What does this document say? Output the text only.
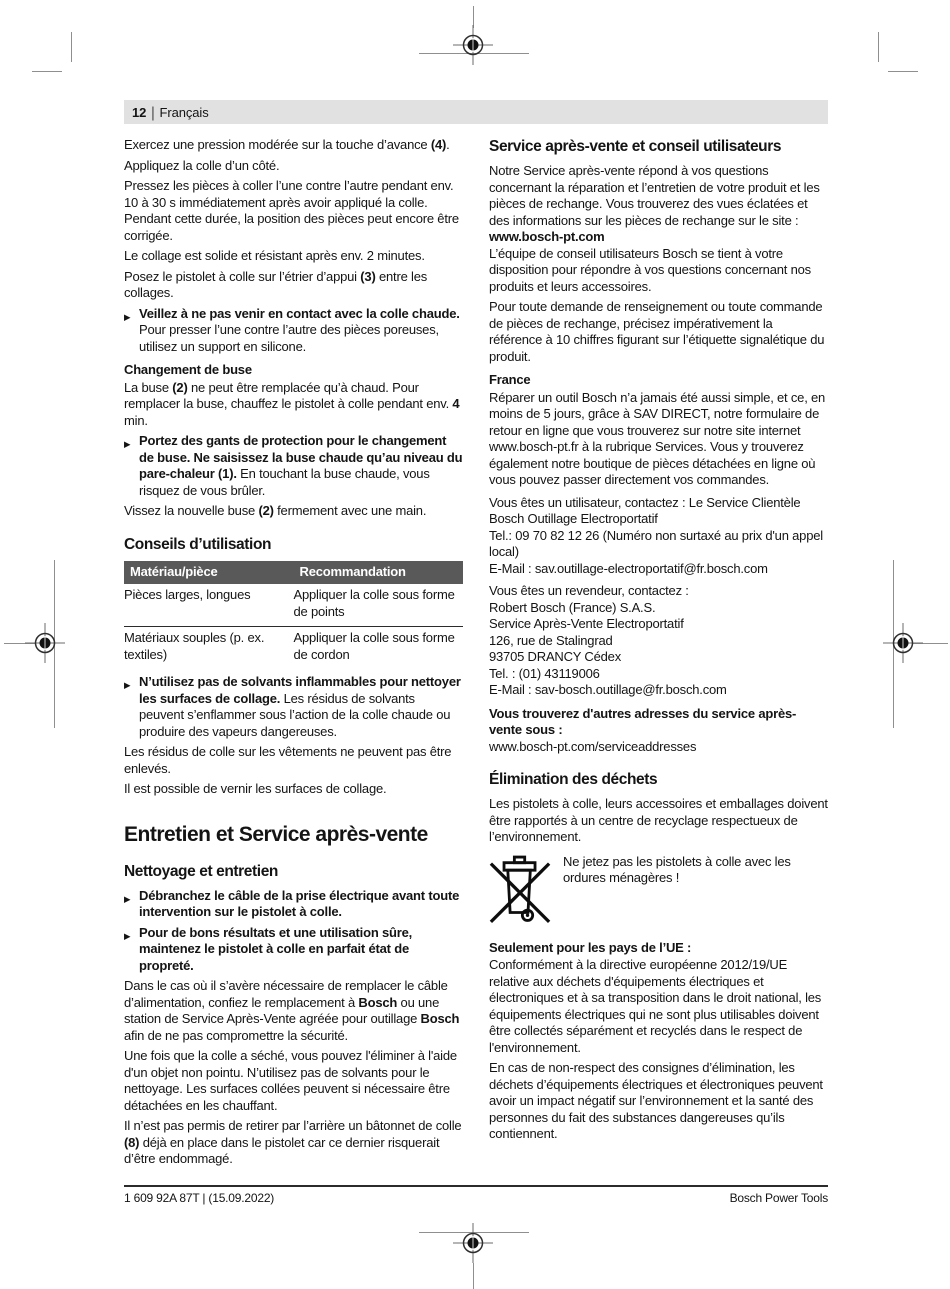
12 | Français

Exercez une pression modérée sur la touche d’avance (4).

Appliquez la colle d’un côté.

Pressez les pièces à coller l’une contre l’autre pendant env. 10 à 30 s immédiatement après avoir appliqué la colle. Pendant cette durée, la position des pièces peut encore être corrigée.

Le collage est solide et résistant après env. 2 minutes.

Posez le pistolet à colle sur l’étrier d’appui (3) entre les collages.

▶ Veillez à ne pas venir en contact avec la colle chaude. Pour presser l’une contre l’autre des pièces poreuses, utilisez un support en silicone.
Changement de buse

La buse (2) ne peut être remplacée qu’à chaud. Pour remplacer la buse, chauffez le pistolet à colle pendant env. 4 min.

▶ Portez des gants de protection pour le changement de buse. Ne saisissez la buse chaude qu’au niveau du pare-chaleur (1). En touchant la buse chaude, vous risquez de vous brûler.

Vissez la nouvelle buse (2) fermement avec une main.

Conseils d’utilisation
Matériau/pièce	Recommandation
Pièces larges, longues	Appliquer la colle sous forme de points
Matériaux souples (p. ex. textiles)	Appliquer la colle sous forme de cordon
▶ N’utilisez pas de solvants inflammables pour nettoyer les surfaces de collage. Les résidus de solvants peuvent s’enflammer sous l’action de la colle chaude ou produire des vapeurs dangereuses.

Les résidus de colle sur les vêtements ne peuvent pas être enlevés.

Il est possible de vernir les surfaces de collage.

Entretien et Service après-vente
Nettoyage et entretien
▶ Débranchez le câble de la prise électrique avant toute intervention sur le pistolet à colle.
▶ Pour de bons résultats et une utilisation sûre, maintenez le pistolet à colle en parfait état de propreté.

Dans le cas où il s’avère nécessaire de remplacer le câble d’alimentation, confiez le remplacement à Bosch ou une station de Service Après-Vente agréée pour outillage Bosch afin de ne pas compromettre la sécurité.

Une fois que la colle a séché, vous pouvez l'éliminer à l'aide d'un objet non pointu. N’utilisez pas de solvants pour le nettoyage. Les surfaces collées peuvent si nécessaire être détachées en les chauffant.

Il n’est pas permis de retirer par l’arrière un bâtonnet de colle (8) déjà en place dans le pistolet car ce dernier risquerait d’être endommagé.

Service après-vente et conseil utilisateurs

Notre Service après-vente répond à vos questions concernant la réparation et l’entretien de votre produit et les pièces de rechange. Vous trouverez des vues éclatées et des informations sur les pièces de rechange sur le site :

www.bosch-pt.com

L’équipe de conseil utilisateurs Bosch se tient à votre disposition pour répondre à vos questions concernant nos produits et leurs accessoires.

Pour toute demande de renseignement ou toute commande de pièces de rechange, précisez impérativement la référence à 10 chiffres figurant sur l’étiquette signalétique du produit.

France

Réparer un outil Bosch n’a jamais été aussi simple, et ce, en moins de 5 jours, grâce à SAV DIRECT, notre formulaire de retour en ligne que vous trouverez sur notre site internet www.bosch-pt.fr à la rubrique Services. Vous y trouverez également notre boutique de pièces détachées en ligne où vous pouvez passer directement vos commandes.

Vous êtes un utilisateur, contactez : Le Service Clientèle Bosch Outillage Electroportatif
Tel.: 09 70 82 12 26 (Numéro non surtaxé au prix d'un appel local)
E-Mail : sav.outillage-electroportatif@fr.bosch.com
Vous êtes un revendeur, contactez :
Robert Bosch (France) S.A.S.
Service Après-Vente Electroportatif
126, rue de Stalingrad
93705 DRANCY Cédex
Tel. : (01) 43119006
E-Mail : sav-bosch.outillage@fr.bosch.com
Vous trouverez d'autres adresses du service après-vente sous :
www.bosch-pt.com/serviceaddresses
Élimination des déchets

Les pistolets à colle, leurs accessoires et emballages doivent être rapportés à un centre de recyclage respectueux de l’environnement.

Ne jetez pas les pistolets à colle avec les ordures ménagères !
Seulement pour les pays de l’UE :

Conformément à la directive européenne 2012/19/UE relative aux déchets d'équipements électriques et électroniques et à sa transposition dans le droit national, les équipements électriques qui ne sont plus utilisables doivent être collectés séparément et recyclés dans le respect de l'environnement.

En cas de non-respect des consignes d’élimination, les déchets d’équipements électriques et électroniques peuvent avoir un impact négatif sur l’environnement et la santé des personnes du fait des substances dangereuses qu’ils contiennent.

1 609 92A 87T | (15.09.2022)	Bosch Power Tools
